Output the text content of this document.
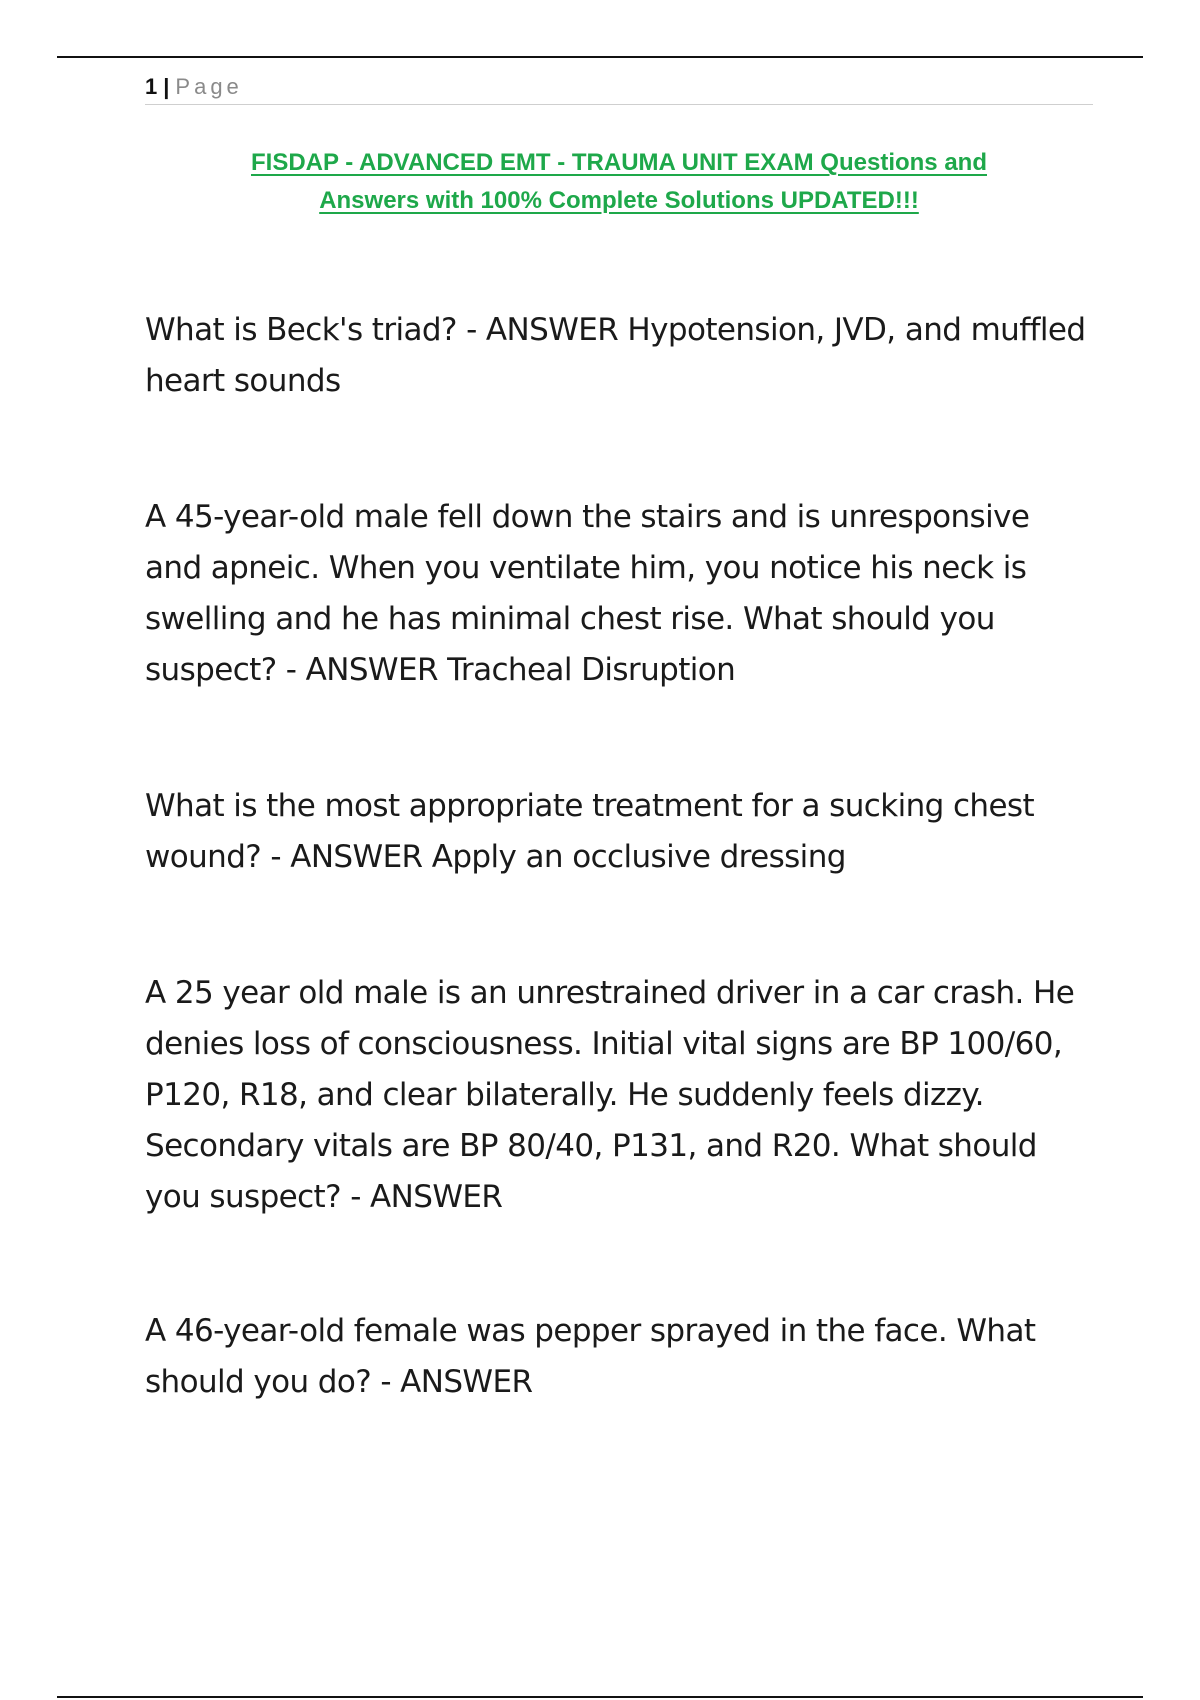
1 | Page
FISDAP - ADVANCED EMT - TRAUMA UNIT EXAM Questions and
Answers with 100% Complete Solutions UPDATED!!!
What is Beck's triad? - ANSWER Hypotension, JVD, and muffled heart sounds
A 45-year-old male fell down the stairs and is unresponsive and apneic. When you ventilate him, you notice his neck is swelling and he has minimal chest rise. What should you suspect? - ANSWER Tracheal Disruption
What is the most appropriate treatment for a sucking chest wound? - ANSWER Apply an occlusive dressing
A 25 year old male is an unrestrained driver in a car crash. He denies loss of consciousness. Initial vital signs are BP 100/60, P120, R18, and clear bilaterally. He suddenly feels dizzy. Secondary vitals are BP 80/40, P131, and R20. What should you suspect? - ANSWER
A 46-year-old female was pepper sprayed in the face. What should you do? - ANSWER
